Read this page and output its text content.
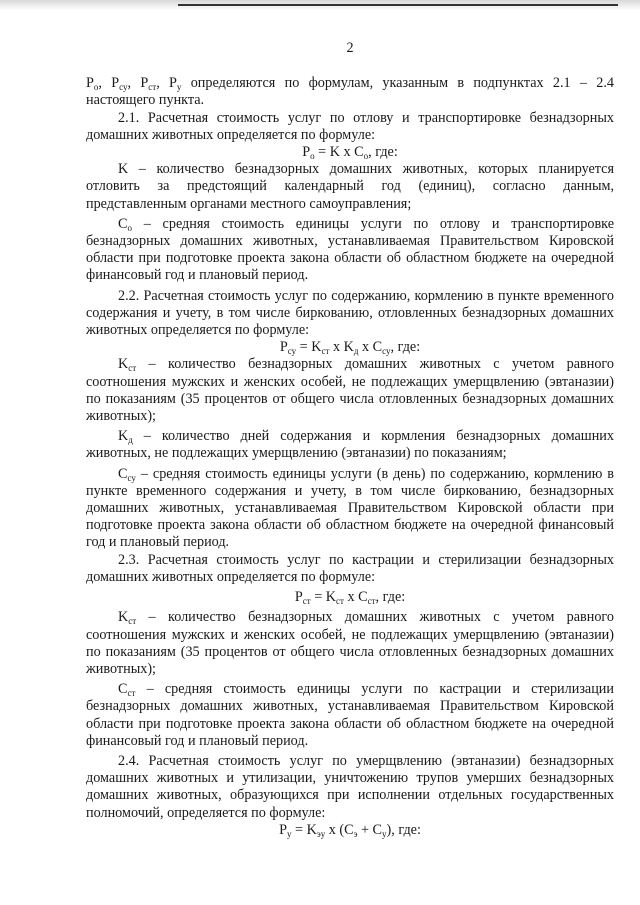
2

$P_o$, $P_{су}$, $P_{ст}$, $P_у$ определяются по формулам, указанным в подпунктах 2.1 – 2.4 настоящего пункта.

2.1. Расчетная стоимость услуг по отлову и транспортировке безнадзорных домашних животных определяется по формуле:

$P_o = K$ x $C_o$, где:

K – количество безнадзорных домашних животных, которых планируется отловить за предстоящий календарный год (единиц), согласно данным, представленным органами местного самоуправления;

$C_o$ – средняя стоимость единицы услуги по отлову и транспортировке безнадзорных домашних животных, устанавливаемая Правительством Кировской области при подготовке проекта закона области об областном бюджете на очередной финансовый год и плановый период.

2.2. Расчетная стоимость услуг по содержанию, кормлению в пункте временного содержания и учету, в том числе биркованию, отловленных безнадзорных домашних животных определяется по формуле:

$P_{су} = K_{ст}$ x $K_д$ x $C_{су}$, где:

$K_{ст}$ – количество безнадзорных домашних животных с учетом равного соотношения мужских и женских особей, не подлежащих умерщвлению (эвтаназии) по показаниям (35 процентов от общего числа отловленных безнадзорных домашних животных);

$K_д$ – количество дней содержания и кормления безнадзорных домашних животных, не подлежащих умерщвлению (эвтаназии) по показаниям;

$C_{су}$ – средняя стоимость единицы услуги (в день) по содержанию, кормлению в пункте временного содержания и учету, в том числе биркованию, безнадзорных домашних животных, устанавливаемая Правительством Кировской области при подготовке проекта закона области об областном бюджете на очередной финансовый год и плановый период.

2.3. Расчетная стоимость услуг по кастрации и стерилизации безнадзорных домашних животных определяется по формуле:

$P_{ст} = K_{ст}$ x $C_{ст}$, где:

$K_{ст}$ – количество безнадзорных домашних животных с учетом равного соотношения мужских и женских особей, не подлежащих умерщвлению (эвтаназии) по показаниям (35 процентов от общего числа отловленных безнадзорных домашних животных);

$C_{ст}$ – средняя стоимость единицы услуги по кастрации и стерилизации безнадзорных домашних животных, устанавливаемая Правительством Кировской области при подготовке проекта закона области об областном бюджете на очередной финансовый год и плановый период.

2.4. Расчетная стоимость услуг по умерщвлению (эвтаназии) безнадзорных домашних животных и утилизации, уничтожению трупов умерших безнадзорных домашних животных, образующихся при исполнении отдельных государственных полномочий, определяется по формуле:

$P_у = K_{эу}$ x $(C_э + C_у)$, где:
